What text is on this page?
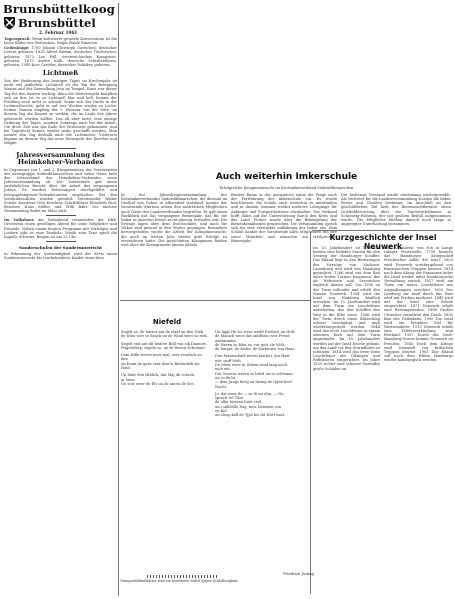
Brunsbüttelkoog
Brunsbüttel
2. Februar 1961

Tagesspruch: Wenn kultivierte gesunde Konversation ist die beste Bilder der Zivilisation. Ralph Waldo Emerson

Gedenktage: 1700 Johann Christoph Gottsched, deutscher Literat geboren; 1820 Alfred Brehm, deutscher Tierforscher, geboren; 1873 Leo Fall, österreichischer Komponist, geboren; 1875 Anette Kolb, deutsche Schriftstellerin, geboren; 1949 Kurt Goettler, deutscher Politiker, geboren.

Lichtmeß

Von der Bedeutung des heutigen Tages im Kirchenjahr ist nicht viel geblieben. Lichtmeß ist der Tag der Reinigung Marias und der Darstellung Jesu im Tempel. Einst war dieser Tag für den Bauern wichtig, denn die Wetterregeln knüpften sich an ihn: Ist es zu Lichtmeß klar und hell, kommt der Frühling noch nicht so schnell. Sonnt sich der Dachs in der Lichtmeßwoche, geht er auf vier Wochen wieder zu Loche. Seinen Namen empfing der 2. Februar von der Sitte, an diesem Tag die Kerzen zu weihen, die im Laufe des Jahres gebraucht werden sollten. Das alt aber nicht, eine einzige Ordnung des Tages, sondern Sonntags auch bei der Arbeit. Um diese Zeit war das Ende der Winterzeit gekommen, und bei Tageslicht konnte wieder mehr geschafft werden. Man nannte den Tag deshalb auch die Lichtmesse. Vielerorts begann an diesem Tag das neue Dienstjahr der Knechte und Mägde.

Jahresversammlung des Heimkehrer-Verbandes

In Gegenwart von 1. und 2. Bürgermeister, des Vorsitzenden der Kreisgruppe Süderdithmarschen und vieler Gäste hielt der Ortsverband des Heimkehrer-Verbandes seine Jahresversammlung ab. Der Vorsitzende gab einen ausführlichen Bericht über die Arbeit des vergangenen Jahres. Es wurden Betreuungen durchgeführt und Kriegsgefangenen-Gedenkstunden abgehalten. Bei den Vorstandswahlen wurden gewählt: Vorsitzender Walter Schulz, Kassierer Otto Kruckow, Schriftführer Elisabeth Paul, Beisitzer Hans Möller und Willi Bahr. Die nächste Versammlung findet im März statt.

Im Volkshaus Am Sonnabend veranstaltet der DRK-Ortsverein einen geselligen Abend für seine Mitglieder und Freunde. Neben einem bunten Programm mit Vorträgen und Liedern gibt es eine Tombola. Musik zum Tanz spielt die Kapelle Schwarz. Beginn ist um 20 Uhr.

Sonderschulen der Sonderunterricht

In Erkennung der Notwendigkeit wird der Kreis einen Sonderunterricht für lernbehinderte Kinder einrichten.

Auch weiterhin Imkerschule
Erfolgreiche Königinnenzucht im Kreisimkerverband Süderdithmarschen
In der Jahreshauptversammlung des Kreisimkerverbandes Süderdithmarschen, die diesmal im Gasthof von Dohrn in Albersdorf stattfand, konnte der Vorsitzende Martens neben den zahlreichen Mitgliedern auch Gäste des Landesverbandes begrüßen. Er gab einen Rückblick auf das vergangene Bienenjahr, das für die Imker in unserem Kreise recht günstig verlaufen war. Die Erträge lagen über dem Durchschnitt, und auch die Völker sind gesund in den Winter gegangen. Besonders hervorgehoben wurde die Arbeit der Königinnenzucht, die auch im letzten Jahr wieder gute Erfolge zu verzeichnen hatte. Die gezüchteten Königinnen fanden weit über die Kreisgrenzen hinaus Absatz.
Breiten Raum in der Aussprache nahm die Frage nach der Fortführung der Imkerschule ein. Es wurde beschlossen, die Schule auch weiterhin zu unterhalten und in diesem Sommer wieder mehrere Lehrgänge für Anfänger und Fortgeschrittene abzuhalten. Der Verband hofft dabei auf die Unterstützung durch den Kreis und das Land. Ferner wurde über die Bekämpfung der Bienenkrankheiten gesprochen. Die Versammlung sprach sich für eine verstärkte Aufklärung der Imker aus. Zum Schluß dankte der Vorsitzende allen Mitgliedern für ihre treue Mitarbeit und wünschte ein erfolgreiches Bienenjahr.
Der bisherige Vorstand wurde einstimmig wiedergewählt. Als Vertreter für die Landesversammlung wurden die Imker Peters und Claußen bestimmt. Im Anschluß an den geschäftlichen Teil hielt der Bienenzuchtberater einen Lichtbildervortrag über die Trachtverhältnisse in Schleswig-Holstein, der mit großem Beifall aufgenommen wurde. Die Mitglieder blieben danach noch lange in angeregter Unterhaltung beisammen.
Kurzgeschichte der Insel Neuwerk
Im 13. Jahrhundert ist Neuwerk bereits eine beliebte Station für den Seeweg der Hamburger Schiffer. Das Eiland liegt in den Besitzungen der Herzöge von Sachsen-Lauenburg und wird von Hamburg gepachtet. 1286 wird mit dem Bau eines festen Turmes begonnen, der als Wehrturm und Seezeichen zugleich dienen soll. Um 1300 ist der Turm vollendet und erhält den Namen Neuwerk. 1394 wird die Insel von Hamburg käuflich erworben. Im 15. Jahrhundert wird auf dem Turm ein Leuchtfeuer unterhalten, das den Schiffen den Weg in die Elbe weist. 1556 wird der Turm durch einen Blitzschlag schwer beschädigt und muß wiederhergestellt werden. 1644 wird das erste Leuchtfeuer in einem eisernen Korb auf dem Turm angezündet. Im 18. Jahrhundert werden auf der Insel Deiche gebaut, um das Land vor den Sturmfluten zu schützen. 1814 wird das erste feste Leuchtfeuer mit Öllampen und Reflektoren eingerichtet. Im Jahre 1825 richtet eine schwere Sturmflut große Schäden an.
rum, Cuxhaven, von 906 in Lange ruhiger Feuerstelle. 1799 besucht das Hamburger Kriegsschiff Preußischer Adler die Insel. 1803 wird Neuwerk vorübergehend von französischen Truppen besetzt. 1814 nach dem Abzug der Franzosen kehrt die Insel wieder unter hamburgische Verwaltung zurück. 1817 wird am Turm ein neues Leuchtfeuer mit Argandlampen errichtet. 1833 Der Landweg zur Insel durch das Watt wird mit Pricken markiert. 1845 wird auf der Insel eine Schule eingerichtet. 1871 Neuwerk erhält eine Rettungsstation. 1888 Großes Unwetter vernichtet den Deich. 1892 Bau des Ostbakens. 1900 Die Insel wird ein beliebtes Ziel für Wattwanderer. 1913 Neuwerk erhält eine Telefonverbindung zum Festland. 1937 Durch das Groß-Hamburg-Gesetz kommt Neuwerk an Preußen. 1945 Nach dem Kriege wird Neuwerk von britischen Truppen besetzt. 1961 Das Eiland soll nach dem Willen Hamburgs wieder hamburgisch werden.
Niefeld
Segelt se, de harrer ant de Haaf un den Diek,
de Söns wee se Snack un de Wind weer so riek.
Segelt end ant dit leidere Bull von sik Dannert,
Ptigelsdörp, segeln se, un de fienen Schrieme.
Dem Hille weern noch mal, over reenlich un den
un Kunn de gans venf döor'n Butendiek sin Haid.
Un hüür den Hiblick, dat Maj dit schreit
in Snee.
Un stor weer de Elv un de anten de See.
Un liggt Hir he weer wedd Freiheit un Holt,
de Manich weer dat untiltten over Freud
Anstänninn.
de Heven so blau as, vor gott ole Welt,
de Iouget, de däder, de Karktorrn von Haar.
Dun Mannschaft weern laattiet, dat Hart
wör stuff Molt.
De Meer weer in Stürm sund lang noch
nich ein.
Dat Gewess weern so blied un so schlemm
un so dicht,
— dem Jungs keeg an luring de Ogen heel
Nacht.
Jo, dat weer de — as ik sei dön, — Nu
sprack vel Tdal,
de ollm Heeren hüüt veel,
un i sabbelle Eng, new, benenrn von
en Kol.
un sloop kell de Tjjst bis dit Wort hast.
Friedrich Jösting
Orangenblütenblätter sind ein bewährtes Mittel gegen Schlaflosigkeit.
